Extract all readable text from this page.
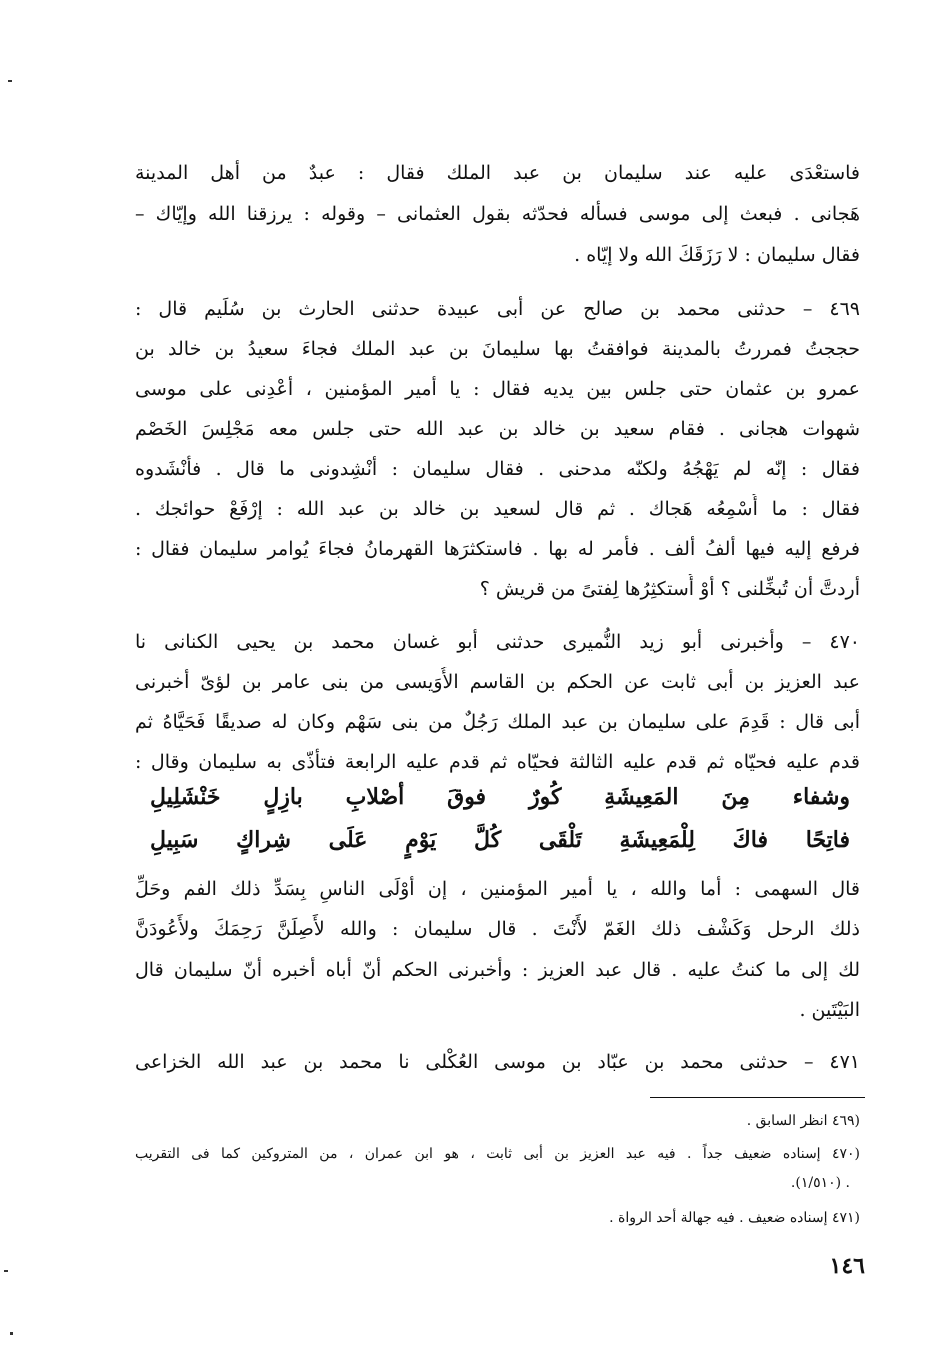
فاستعْدَى عليه عند سليمان بن عبد الملك فقال : عبدٌ من أهل المدينة
هَجانى . فبعث إلى موسى فسأله فحدّثه بقول العثمانى – وقوله : يرزقنا الله وإيّاك –
فقال سليمان : لا رَزَقَكَ الله ولا إيّاه .
٤٦٩ – حدثنى محمد بن صالح عن أبى عبيدة حدثنى الحارث بن سُلَيم قال :
حججتُ فمررتُ بالمدينة فوافقتُ بها سليمانَ بن عبد الملك فجاءَ سعيدُ بن خالد بن
عمرو بن عثمان حتى جلس بين يديه فقال : يا أمير المؤمنين ، أعْدِنى على موسى
شهوات هجانى . فقام سعيد بن خالد بن عبد الله حتى جلس معه مَجْلِسَ الخَصْم
فقال : إنّه لم يَهْجُهُ ولكنّه مدحنى . فقال سليمان : أنْشِدونى ما قال . فأنْشَدوه
فقال : ما أُسْمِعُه هَجاك . ثم قال لسعيد بن خالد بن عبد الله : إرْفَعْ حوائجك .
فرفع إليه فيها ألفُ ألف . فأمر له بها . فاستكثرَها القهرمانُ فجاءَ يُوامر سليمان فقال :
أردتَّ أن تُبخِّلنى ؟ أوْ أُستكثِرُها لِفتىً من قريش ؟
٤٧٠ – وأخبرنى أبو زيد النُّميرى حدثنى أبو غسان محمد بن يحيى الكنانى نا
عبد العزيز بن أبى ثابت عن الحكم بن القاسم الأُوَيسى من بنى عامر بن لؤىّ أخبرنى
أبى قال : قَدِمَ على سليمان بن عبد الملك رَجُلٌ من بنى سَهْم وكان له صديقًا فَحَيَّاهُ ثم
قدم عليه فحيّاه ثم قدم عليه الثالثة فحيّاه ثم قدم عليه الرابعة فتأذّى به سليمان وقال :
وشفاء مِنَ المَعِيشَةِ كُورٌ فوقَ أصْلابِ بازِلٍ خَنْشَلِيلِ
فاتِحًا فاكَ لِلْمَعِيشَةِ تَلْقَى كُلَّ يَوْمٍ عَلَى شِراكٍ سَبِيلِ
قال السهمى : أما والله ، يا أمير المؤمنين ، إن أوْلَى الناسِ بِسَدِّ ذلك الفم وحَلِّ
ذلك الرحل وَكَشْف ذلك الغَمّ لأَنْتَ . قال سليمان : والله لأَصِلَنَّ رَحِمَكَ ولأَعُودَنَّ
لك إلى ما كنتُ عليه . قال عبد العزيز : وأخبرنى الحكم أنّ أباه أخبره أنّ سليمان قال
البَيْتَين .
٤٧١ – حدثنى محمد بن عبّاد بن موسى العُكْلى نا محمد بن عبد الله الخزاعى
(٤٦٩ انظر السابق .
(٤٧٠ إسناده ضعيف جداً . فيه عبد العزيز بن أبى ثابت ، هو ابن عمران ، من المتروكين كما فى التقريب
. (١/٥١٠).
(٤٧١ إسناده ضعيف . فيه جهالة أحد الرواة .
١٤٦
